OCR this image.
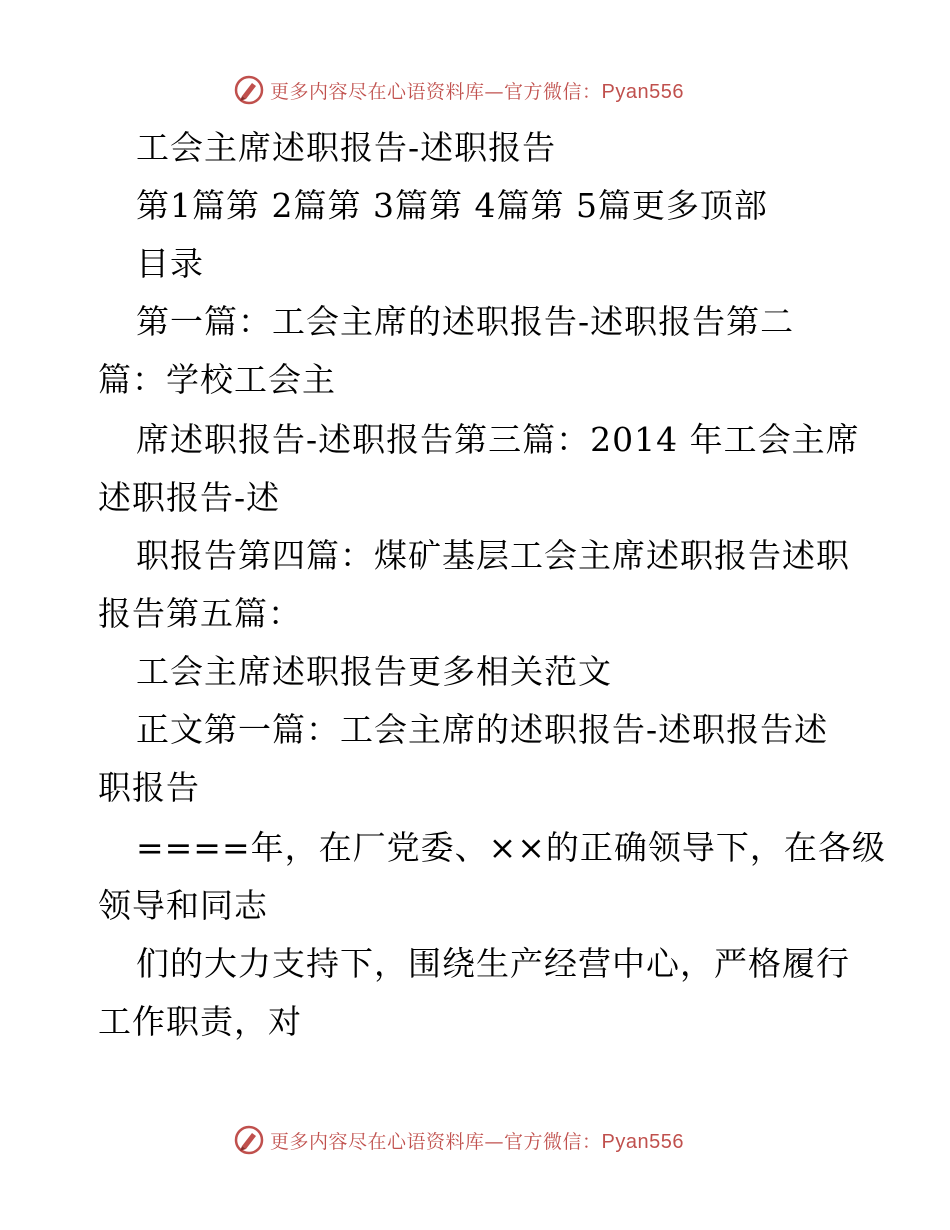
更多内容尽在心语资料库—官方微信：Pyan556
工会主席述职报告-述职报告
第1篇第 2篇第 3篇第 4篇第 5篇更多顶部
目录
第一篇：工会主席的述职报告-述职报告第二
篇：学校工会主
席述职报告-述职报告第三篇：2014 年工会主席
述职报告-述
职报告第四篇：煤矿基层工会主席述职报告述职
报告第五篇：
工会主席述职报告更多相关范文
正文第一篇：工会主席的述职报告-述职报告述
职报告
====年，在厂党委、××的正确领导下，在各级
领导和同志
们的大力支持下，围绕生产经营中心，严格履行
工作职责，对
更多内容尽在心语资料库—官方微信：Pyan556
